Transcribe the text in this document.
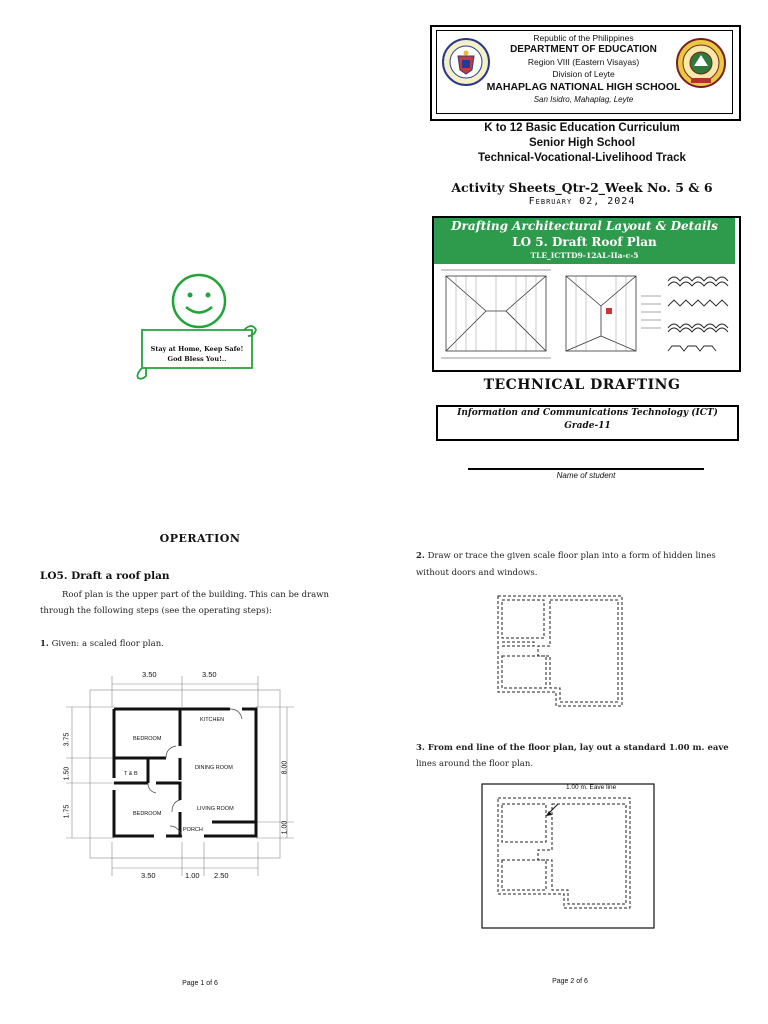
Republic of the Philippines
DEPARTMENT OF EDUCATION
Region VIII (Eastern Visayas)
Division of Leyte
MAHAPLAG NATIONAL HIGH SCHOOL
San Isidro, Mahaplag, Leyte
K to 12 Basic Education Curriculum
Senior High School
Technical-Vocational-Livelihood Track
Activity Sheets_Qtr-2_Week No. 5 & 6
February 02, 2024
Drafting Architectural Layout & Details
LO 5. Draft Roof Plan
TLE_ICTTD9-12AL-IIa-c-5
TECHNICAL DRAFTING
Information and Communications Technology (ICT)
Grade-11
Name of student
Stay at Home, Keep Safe!
God Bless You!..
OPERATION
LO5. Draft a roof plan
Roof plan is the upper part of the building. This can be drawn
through the following steps (see the operating steps):
1. Given: a scaled floor plan.
3.50	3.50
3.75
1.50
1.75
8.00
1.00
3.50	1.00 2.50
KITCHEN
BEDROOM
DINING ROOM
T & B
BEDROOM
LIVING ROOM
PORCH
Page 1 of 6
2. Draw or trace the given scale floor plan into a form of hidden lines
without doors and windows.
3. From end line of the floor plan, lay out a standard 1.00 m. eave
lines around the floor plan.
1.00 m. Eave line
Page 2 of 6
